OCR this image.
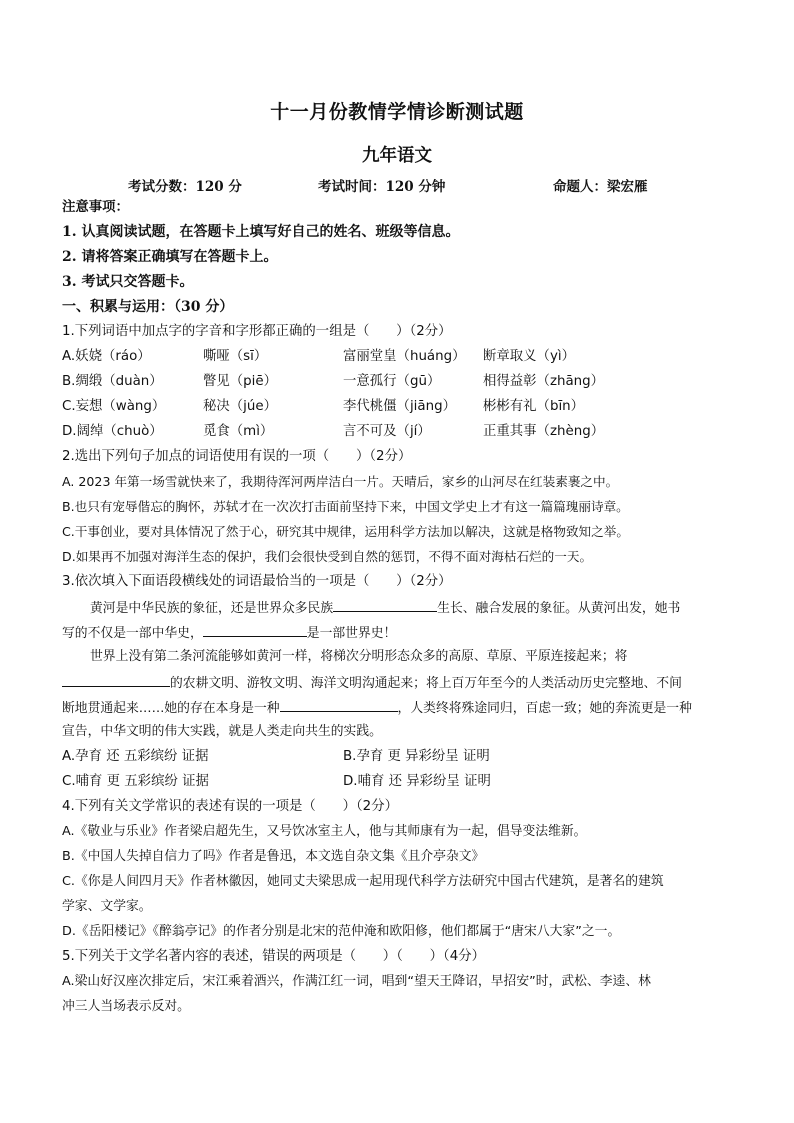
十一月份教情学情诊断测试题
九年语文
考试分数：120 分	考试时间：120 分钟	命题人：梁宏雁
注意事项：
1. 认真阅读试题，在答题卡上填写好自己的姓名、班级等信息。
2. 请将答案正确填写在答题卡上。
3. 考试只交答题卡。
一、积累与运用：（30 分）
1.下列词语中加点字的字音和字形都正确的一组是（　　）（2分）
A.妖娆（ráo）	嘶哑（sī）	富丽堂皇（huáng） 断章取义（yì）
B.绸缎（duàn）	瞥见（piē）	一意孤行（gū）	相得益彰（zhāng）
C.妄想（wàng）	秘决（júe）	李代桃僵（jiāng） 彬彬有礼（bīn）
D.阔绰（chuò）	觅食（mì）	言不可及（jí）	正重其事（zhèng）
2.选出下列句子加点的词语使用有误的一项（　　）（2分）
A. 2023 年第一场雪就快来了，我期待浑河两岸洁白一片。天晴后，家乡的山河尽在红装素裹之中。
B.也只有宠辱偕忘的胸怀，苏轼才在一次次打击面前坚持下来，中国文学史上才有这一篇篇瑰丽诗章。
C.干事创业，要对具体情况了然于心，研究其中规律，运用科学方法加以解决，这就是格物致知之举。
D.如果再不加强对海洋生态的保护，我们会很快受到自然的惩罚，不得不面对海枯石烂的一天。
3.依次填入下面语段横线处的词语最恰当的一项是（　　）（2分）
黄河是中华民族的象征，还是世界众多民族	生长、融合发展的象征。从黄河出发，她书
写的不仅是一部中华史，	是一部世界史！
世界上没有第二条河流能够如黄河一样，将梯次分明形态众多的高原、草原、平原连接起来；将
的农耕文明、游牧文明、海洋文明沟通起来；将上百万年至今的人类活动历史完整地、不间
断地贯通起来……她的存在本身是一种	，人类终将殊途同归，百虑一致；她的奔流更是一种
宣告，中华文明的伟大实践，就是人类走向共生的实践。
A.孕育 还 五彩缤纷 证据	B.孕育 更 异彩纷呈 证明
C.哺育 更 五彩缤纷 证据	D.哺育 还 异彩纷呈 证明
4.下列有关文学常识的表述有误的一项是（　　）（2分）
A.《敬业与乐业》作者梁启超先生，又号饮冰室主人，他与其师康有为一起，倡导变法维新。
B.《中国人失掉自信力了吗》作者是鲁迅，本文选自杂文集《且介亭杂文》
C.《你是人间四月天》作者林徽因，她同丈夫梁思成一起用现代科学方法研究中国古代建筑，是著名的建筑
学家、文学家。
D.《岳阳楼记》《醉翁亭记》的作者分别是北宋的范仲淹和欧阳修，他们都属于“唐宋八大家”之一。
5.下列关于文学名著内容的表述，错误的两项是（　　）（　　）（4分）
A.梁山好汉座次排定后，宋江乘着酒兴，作满江红一词，唱到“望天王降诏，早招安”时，武松、李逵、林
冲三人当场表示反对。
